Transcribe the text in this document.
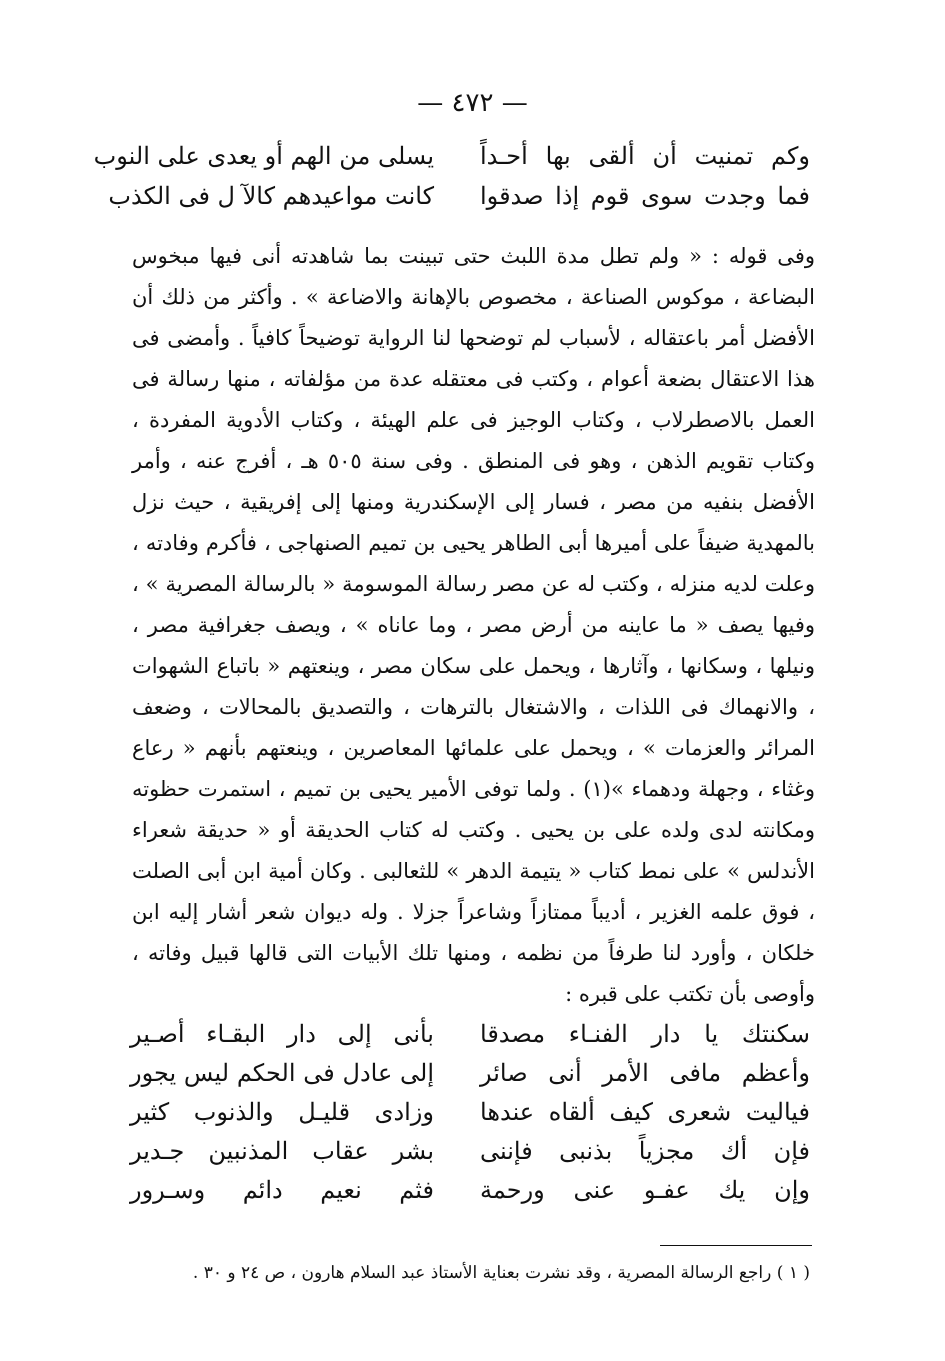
— ٤٧٢ —
وكم تمنيت أن ألقى بها أحـداً
يسلى من الهم أو يعدى على النوب
فما وجدت سوى قوم إذا صدقوا
كانت مواعيدهم كالآ ل فى الكذب

وفى قوله : « ولم تطل مدة اللبث حتى تبينت بما شاهدته أنى فيها مبخوس البضاعة ، موكوس الصناعة ، مخصوص بالإهانة والاضاعة » . وأكثر من ذلك أن الأفضل أمر باعتقاله ، لأسباب لم توضحها لنا الرواية توضيحاً كافياً . وأمضى فى هذا الاعتقال بضعة أعوام ، وكتب فى معتقله عدة من مؤلفاته ، منها رسالة فى العمل بالاصطرلاب ، وكتاب الوجيز فى علم الهيئة ، وكتاب الأدوية المفردة ، وكتاب تقويم الذهن ، وهو فى المنطق . وفى سنة ٥٠٥ هـ ، أفرج عنه ، وأمر الأفضل بنفيه من مصر ، فسار إلى الإسكندرية ومنها إلى إفريقية ، حيث نزل بالمهدية ضيفاً على أميرها أبى الطاهر يحيى بن تميم الصنهاجى ، فأكرم وفادته ، وعلت لديه منزله ، وكتب له عن مصر رسالة الموسومة « بالرسالة المصرية » ، وفيها يصف « ما عاينه من أرض مصر ، وما عاناه » ، ويصف جغرافية مصر ، ونيلها ، وسكانها ، وآثارها ، ويحمل على سكان مصر ، وينعتهم « باتباع الشهوات ، والانهماك فى اللذات ، والاشتغال بالترهات ، والتصديق بالمحالات ، وضعف المرائر والعزمات » ، ويحمل على علمائها المعاصرين ، وينعتهم بأنهم « رعاع وغثاء ، وجهلة ودهماء »(١) . ولما توفى الأمير يحيى بن تميم ، استمرت حظوته ومكانته لدى ولده على بن يحيى . وكتب له كتاب الحديقة أو « حديقة شعراء الأندلس » على نمط كتاب « يتيمة الدهر » للثعالبى . وكان أمية ابن أبى الصلت ، فوق علمه الغزير ، أديباً ممتازاً وشاعراً جزلا . وله ديوان شعر أشار إليه ابن خلكان ، وأورد لنا طرفاً من نظمه ، ومنها تلك الأبيات التى قالها قبيل وفاته ، وأوصى بأن تكتب على قبره :

سكنتك يا دار الفنـاء مصدقا
بأنى إلى دار البقـاء أصـير
وأعظم مافى الأمر أنى صائر
إلى عادل فى الحكم ليس يجور
فياليت شعرى كيف ألقاه عندها
وزادى قليـل والذنوب كثير
فإن أك مجزياً بذنبى فإننى
بشر عقاب المذنبين جـدير
وإن يك عفـو عنى ورحمة
فثم نعيم دائم وسـرور
( ١ ) راجع الرسالة المصرية ، وقد نشرت بعناية الأستاذ عبد السلام هارون ، ص ٢٤ و ٣٠ .
